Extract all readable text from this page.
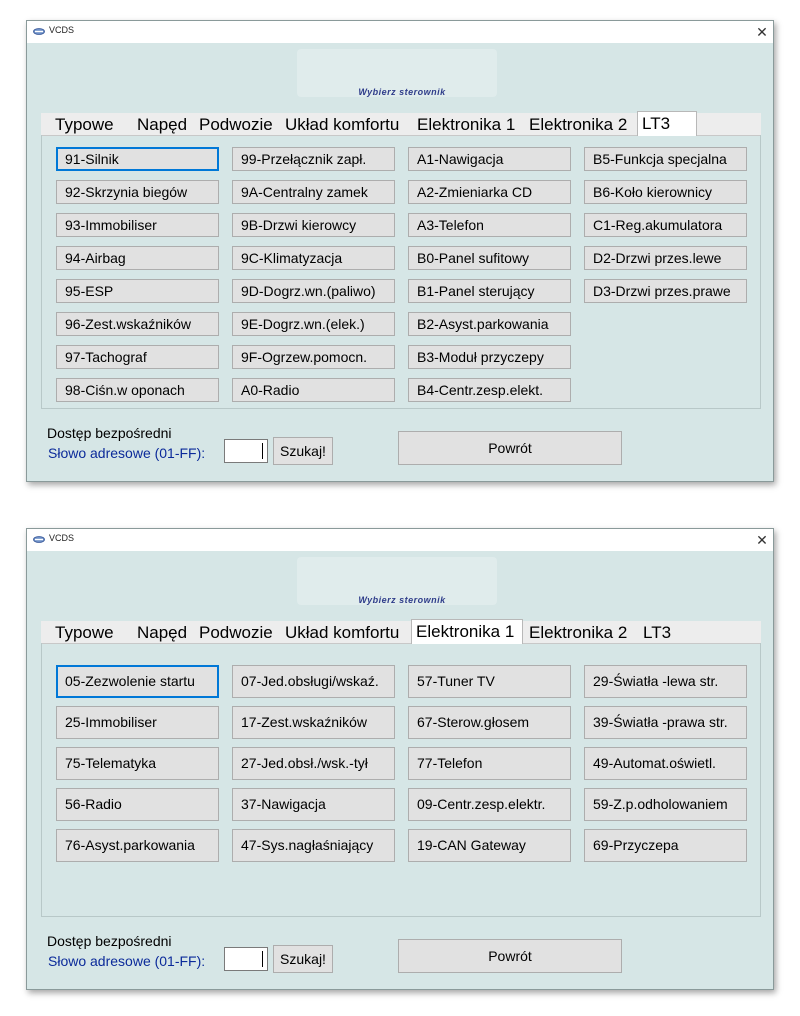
VCDS	✕
Wybierz sterownik
Typowe Napęd Podwozie Układ komfortu Elektronika 1 Elektronika 2 LT3
91-Silnik
92-Skrzynia biegów
93-Immobiliser
94-Airbag
95-ESP
96-Zest.wskaźników
97-Tachograf
98-Ciśn.w oponach
99-Przełącznik zapł.
9A-Centralny zamek
9B-Drzwi kierowcy
9C-Klimatyzacja
9D-Dogrz.wn.(paliwo)
9E-Dogrz.wn.(elek.)
9F-Ogrzew.pomocn.
A0-Radio
A1-Nawigacja
A2-Zmieniarka CD
A3-Telefon
B0-Panel sufitowy
B1-Panel sterujący
B2-Asyst.parkowania
B3-Moduł przyczepy
B4-Centr.zesp.elekt.
B5-Funkcja specjalna
B6-Koło kierownicy
C1-Reg.akumulatora
D2-Drzwi przes.lewe
D3-Drzwi przes.prawe
Dostęp bezpośredni
Słowo adresowe (01-FF):	Szukaj!	Powrót
VCDS	✕
Wybierz sterownik
Typowe Napęd Podwozie Układ komfortu Elektronika 1 Elektronika 2 LT3
05-Zezwolenie startu
25-Immobiliser
75-Telematyka
56-Radio
76-Asyst.parkowania
07-Jed.obsługi/wskaź.
17-Zest.wskaźników
27-Jed.obsł./wsk.-tył
37-Nawigacja
47-Sys.nagłaśniający
57-Tuner TV
67-Sterow.głosem
77-Telefon
09-Centr.zesp.elektr.
19-CAN Gateway
29-Światła -lewa str.
39-Światła -prawa str.
49-Automat.oświetl.
59-Z.p.odholowaniem
69-Przyczepa
Dostęp bezpośredni
Słowo adresowe (01-FF):	Szukaj!	Powrót
